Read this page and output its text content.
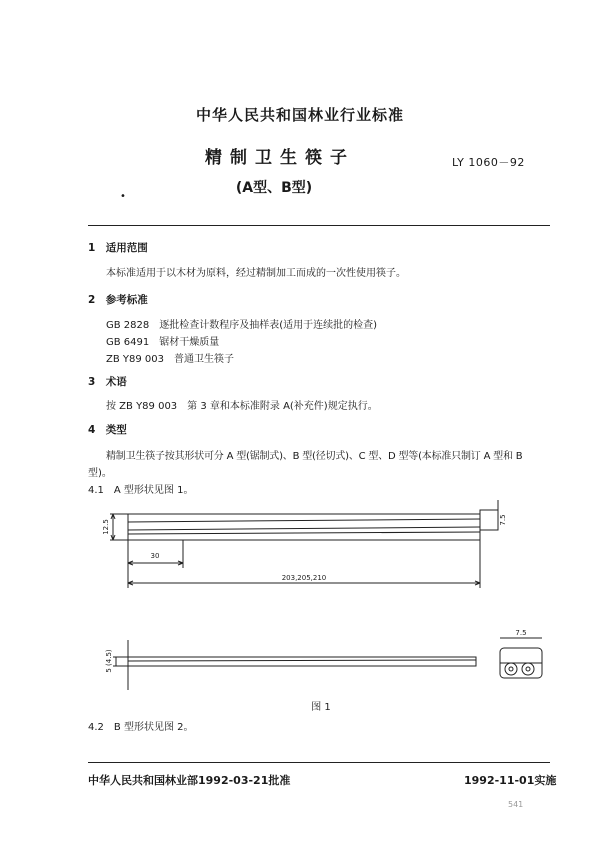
中华人民共和国林业行业标准
精制卫生筷子	LY 1060－92
(A型、B型)
•
1　适用范围
本标准适用于以木材为原料，经过精制加工而成的一次性使用筷子。
2　参考标准
GB 2828　逐批检查计数程序及抽样表(适用于连续批的检查)
GB 6491　锯材干燥质量
ZB Y89 003　普通卫生筷子
3　术语
按 ZB Y89 003　第 3 章和本标准附录 A(补充件)规定执行。
4　类型
精制卫生筷子按其形状可分 A 型(锯制式)、B 型(径切式)、C 型、D 型等(本标准只制订 A 型和 B
型)。
4.1　A 型形状见图 1。
12.5	7.5
30
203,205,210
5 (4.5)
7.5
图 1
4.2　B 型形状见图 2。
中华人民共和国林业部1992-03-21批准	1992-11-01实施
541
